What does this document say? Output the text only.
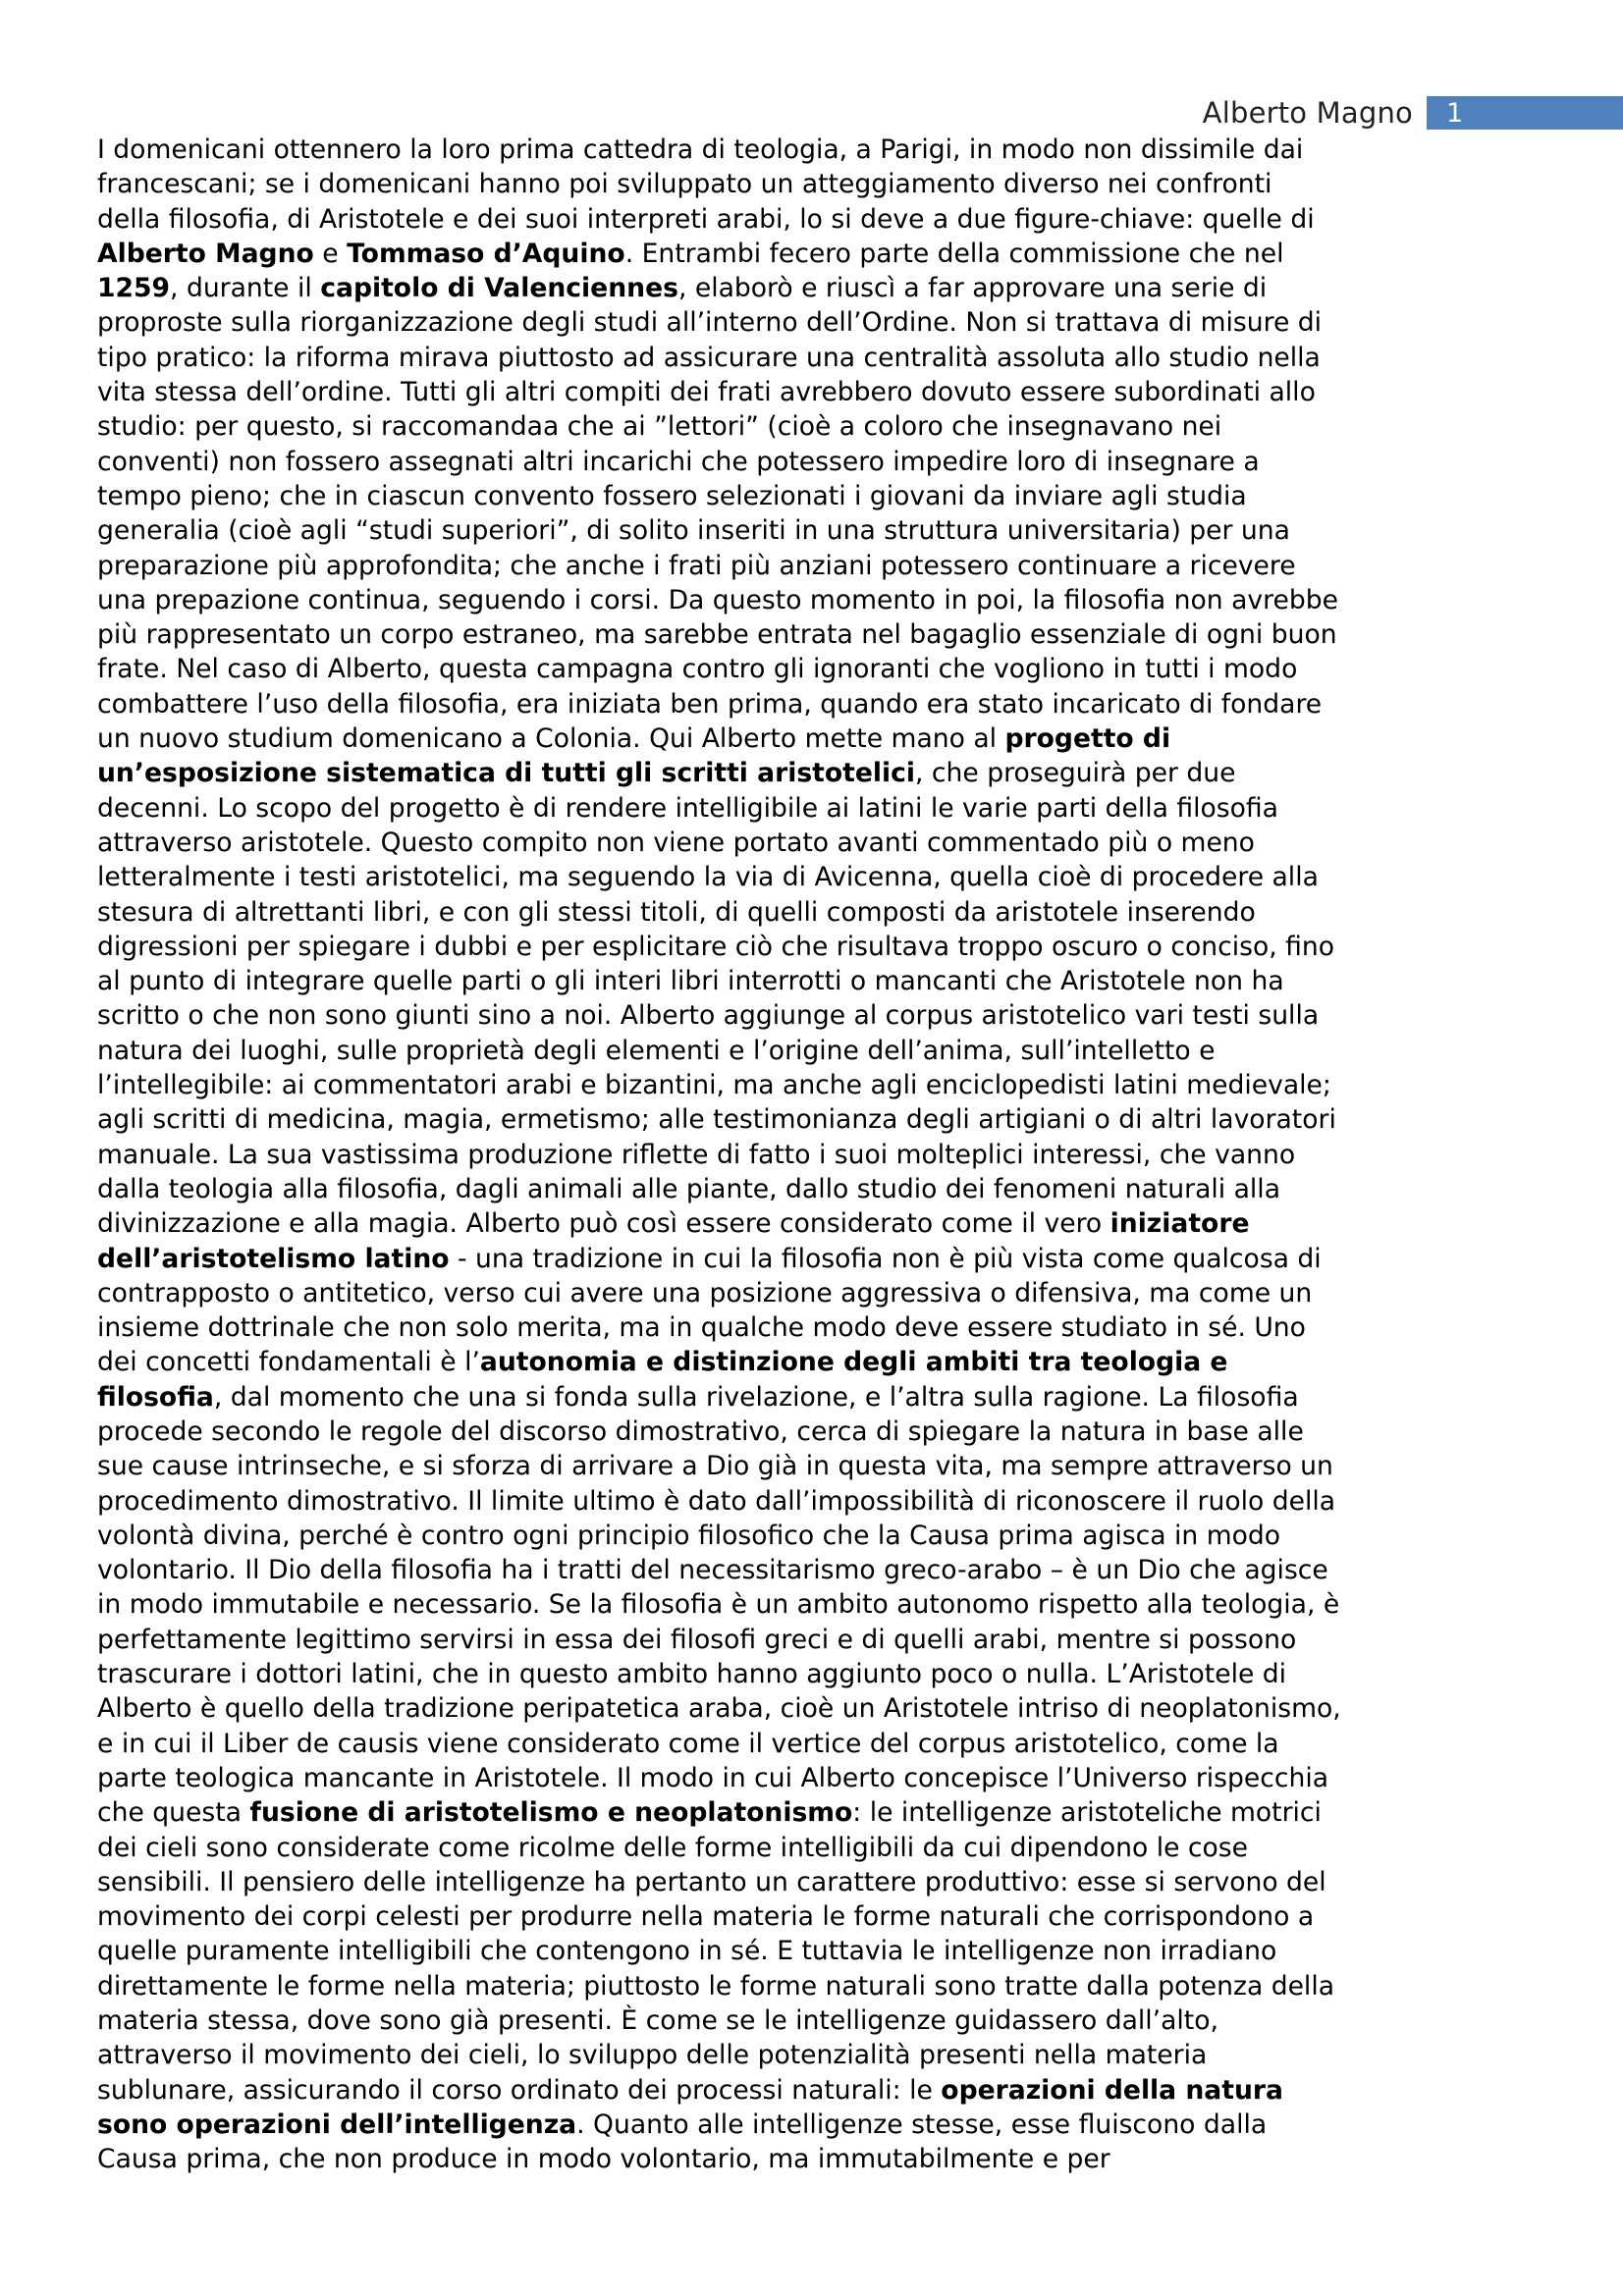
Alberto Magno 1
I domenicani ottennero la loro prima cattedra di teologia, a Parigi, in modo non dissimile dai
francescani; se i domenicani hanno poi sviluppato un atteggiamento diverso nei confronti
della filosofia, di Aristotele e dei suoi interpreti arabi, lo si deve a due figure-chiave: quelle di
Alberto Magno e Tommaso d’Aquino. Entrambi fecero parte della commissione che nel
1259, durante il capitolo di Valenciennes, elaborò e riuscì a far approvare una serie di
proproste sulla riorganizzazione degli studi all’interno dell’Ordine. Non si trattava di misure di
tipo pratico: la riforma mirava piuttosto ad assicurare una centralità assoluta allo studio nella
vita stessa dell’ordine. Tutti gli altri compiti dei frati avrebbero dovuto essere subordinati allo
studio: per questo, si raccomandaa che ai ”lettori” (cioè a coloro che insegnavano nei
conventi) non fossero assegnati altri incarichi che potessero impedire loro di insegnare a
tempo pieno; che in ciascun convento fossero selezionati i giovani da inviare agli studia
generalia (cioè agli “studi superiori”, di solito inseriti in una struttura universitaria) per una
preparazione più approfondita; che anche i frati più anziani potessero continuare a ricevere
una prepazione continua, seguendo i corsi. Da questo momento in poi, la filosofia non avrebbe
più rappresentato un corpo estraneo, ma sarebbe entrata nel bagaglio essenziale di ogni buon
frate. Nel caso di Alberto, questa campagna contro gli ignoranti che vogliono in tutti i modo
combattere l’uso della filosofia, era iniziata ben prima, quando era stato incaricato di fondare
un nuovo studium domenicano a Colonia. Qui Alberto mette mano al progetto di
un’esposizione sistematica di tutti gli scritti aristotelici, che proseguirà per due
decenni. Lo scopo del progetto è di rendere intelligibile ai latini le varie parti della filosofia
attraverso aristotele. Questo compito non viene portato avanti commentado più o meno
letteralmente i testi aristotelici, ma seguendo la via di Avicenna, quella cioè di procedere alla
stesura di altrettanti libri, e con gli stessi titoli, di quelli composti da aristotele inserendo
digressioni per spiegare i dubbi e per esplicitare ciò che risultava troppo oscuro o conciso, fino
al punto di integrare quelle parti o gli interi libri interrotti o mancanti che Aristotele non ha
scritto o che non sono giunti sino a noi. Alberto aggiunge al corpus aristotelico vari testi sulla
natura dei luoghi, sulle proprietà degli elementi e l’origine dell’anima, sull’intelletto e
l’intellegibile: ai commentatori arabi e bizantini, ma anche agli enciclopedisti latini medievale;
agli scritti di medicina, magia, ermetismo; alle testimonianza degli artigiani o di altri lavoratori
manuale. La sua vastissima produzione riflette di fatto i suoi molteplici interessi, che vanno
dalla teologia alla filosofia, dagli animali alle piante, dallo studio dei fenomeni naturali alla
divinizzazione e alla magia. Alberto può così essere considerato come il vero iniziatore
dell’aristotelismo latino - una tradizione in cui la filosofia non è più vista come qualcosa di
contrapposto o antitetico, verso cui avere una posizione aggressiva o difensiva, ma come un
insieme dottrinale che non solo merita, ma in qualche modo deve essere studiato in sé. Uno
dei concetti fondamentali è l’autonomia e distinzione degli ambiti tra teologia e
filosofia, dal momento che una si fonda sulla rivelazione, e l’altra sulla ragione. La filosofia
procede secondo le regole del discorso dimostrativo, cerca di spiegare la natura in base alle
sue cause intrinseche, e si sforza di arrivare a Dio già in questa vita, ma sempre attraverso un
procedimento dimostrativo. Il limite ultimo è dato dall’impossibilità di riconoscere il ruolo della
volontà divina, perché è contro ogni principio filosofico che la Causa prima agisca in modo
volontario. Il Dio della filosofia ha i tratti del necessitarismo greco-arabo – è un Dio che agisce
in modo immutabile e necessario. Se la filosofia è un ambito autonomo rispetto alla teologia, è
perfettamente legittimo servirsi in essa dei filosofi greci e di quelli arabi, mentre si possono
trascurare i dottori latini, che in questo ambito hanno aggiunto poco o nulla. L’Aristotele di
Alberto è quello della tradizione peripatetica araba, cioè un Aristotele intriso di neoplatonismo,
e in cui il Liber de causis viene considerato come il vertice del corpus aristotelico, come la
parte teologica mancante in Aristotele. Il modo in cui Alberto concepisce l’Universo rispecchia
che questa fusione di aristotelismo e neoplatonismo: le intelligenze aristoteliche motrici
dei cieli sono considerate come ricolme delle forme intelligibili da cui dipendono le cose
sensibili. Il pensiero delle intelligenze ha pertanto un carattere produttivo: esse si servono del
movimento dei corpi celesti per produrre nella materia le forme naturali che corrispondono a
quelle puramente intelligibili che contengono in sé. E tuttavia le intelligenze non irradiano
direttamente le forme nella materia; piuttosto le forme naturali sono tratte dalla potenza della
materia stessa, dove sono già presenti. È come se le intelligenze guidassero dall’alto,
attraverso il movimento dei cieli, lo sviluppo delle potenzialità presenti nella materia
sublunare, assicurando il corso ordinato dei processi naturali: le operazioni della natura
sono operazioni dell’intelligenza. Quanto alle intelligenze stesse, esse fluiscono dalla
Causa prima, che non produce in modo volontario, ma immutabilmente e per
